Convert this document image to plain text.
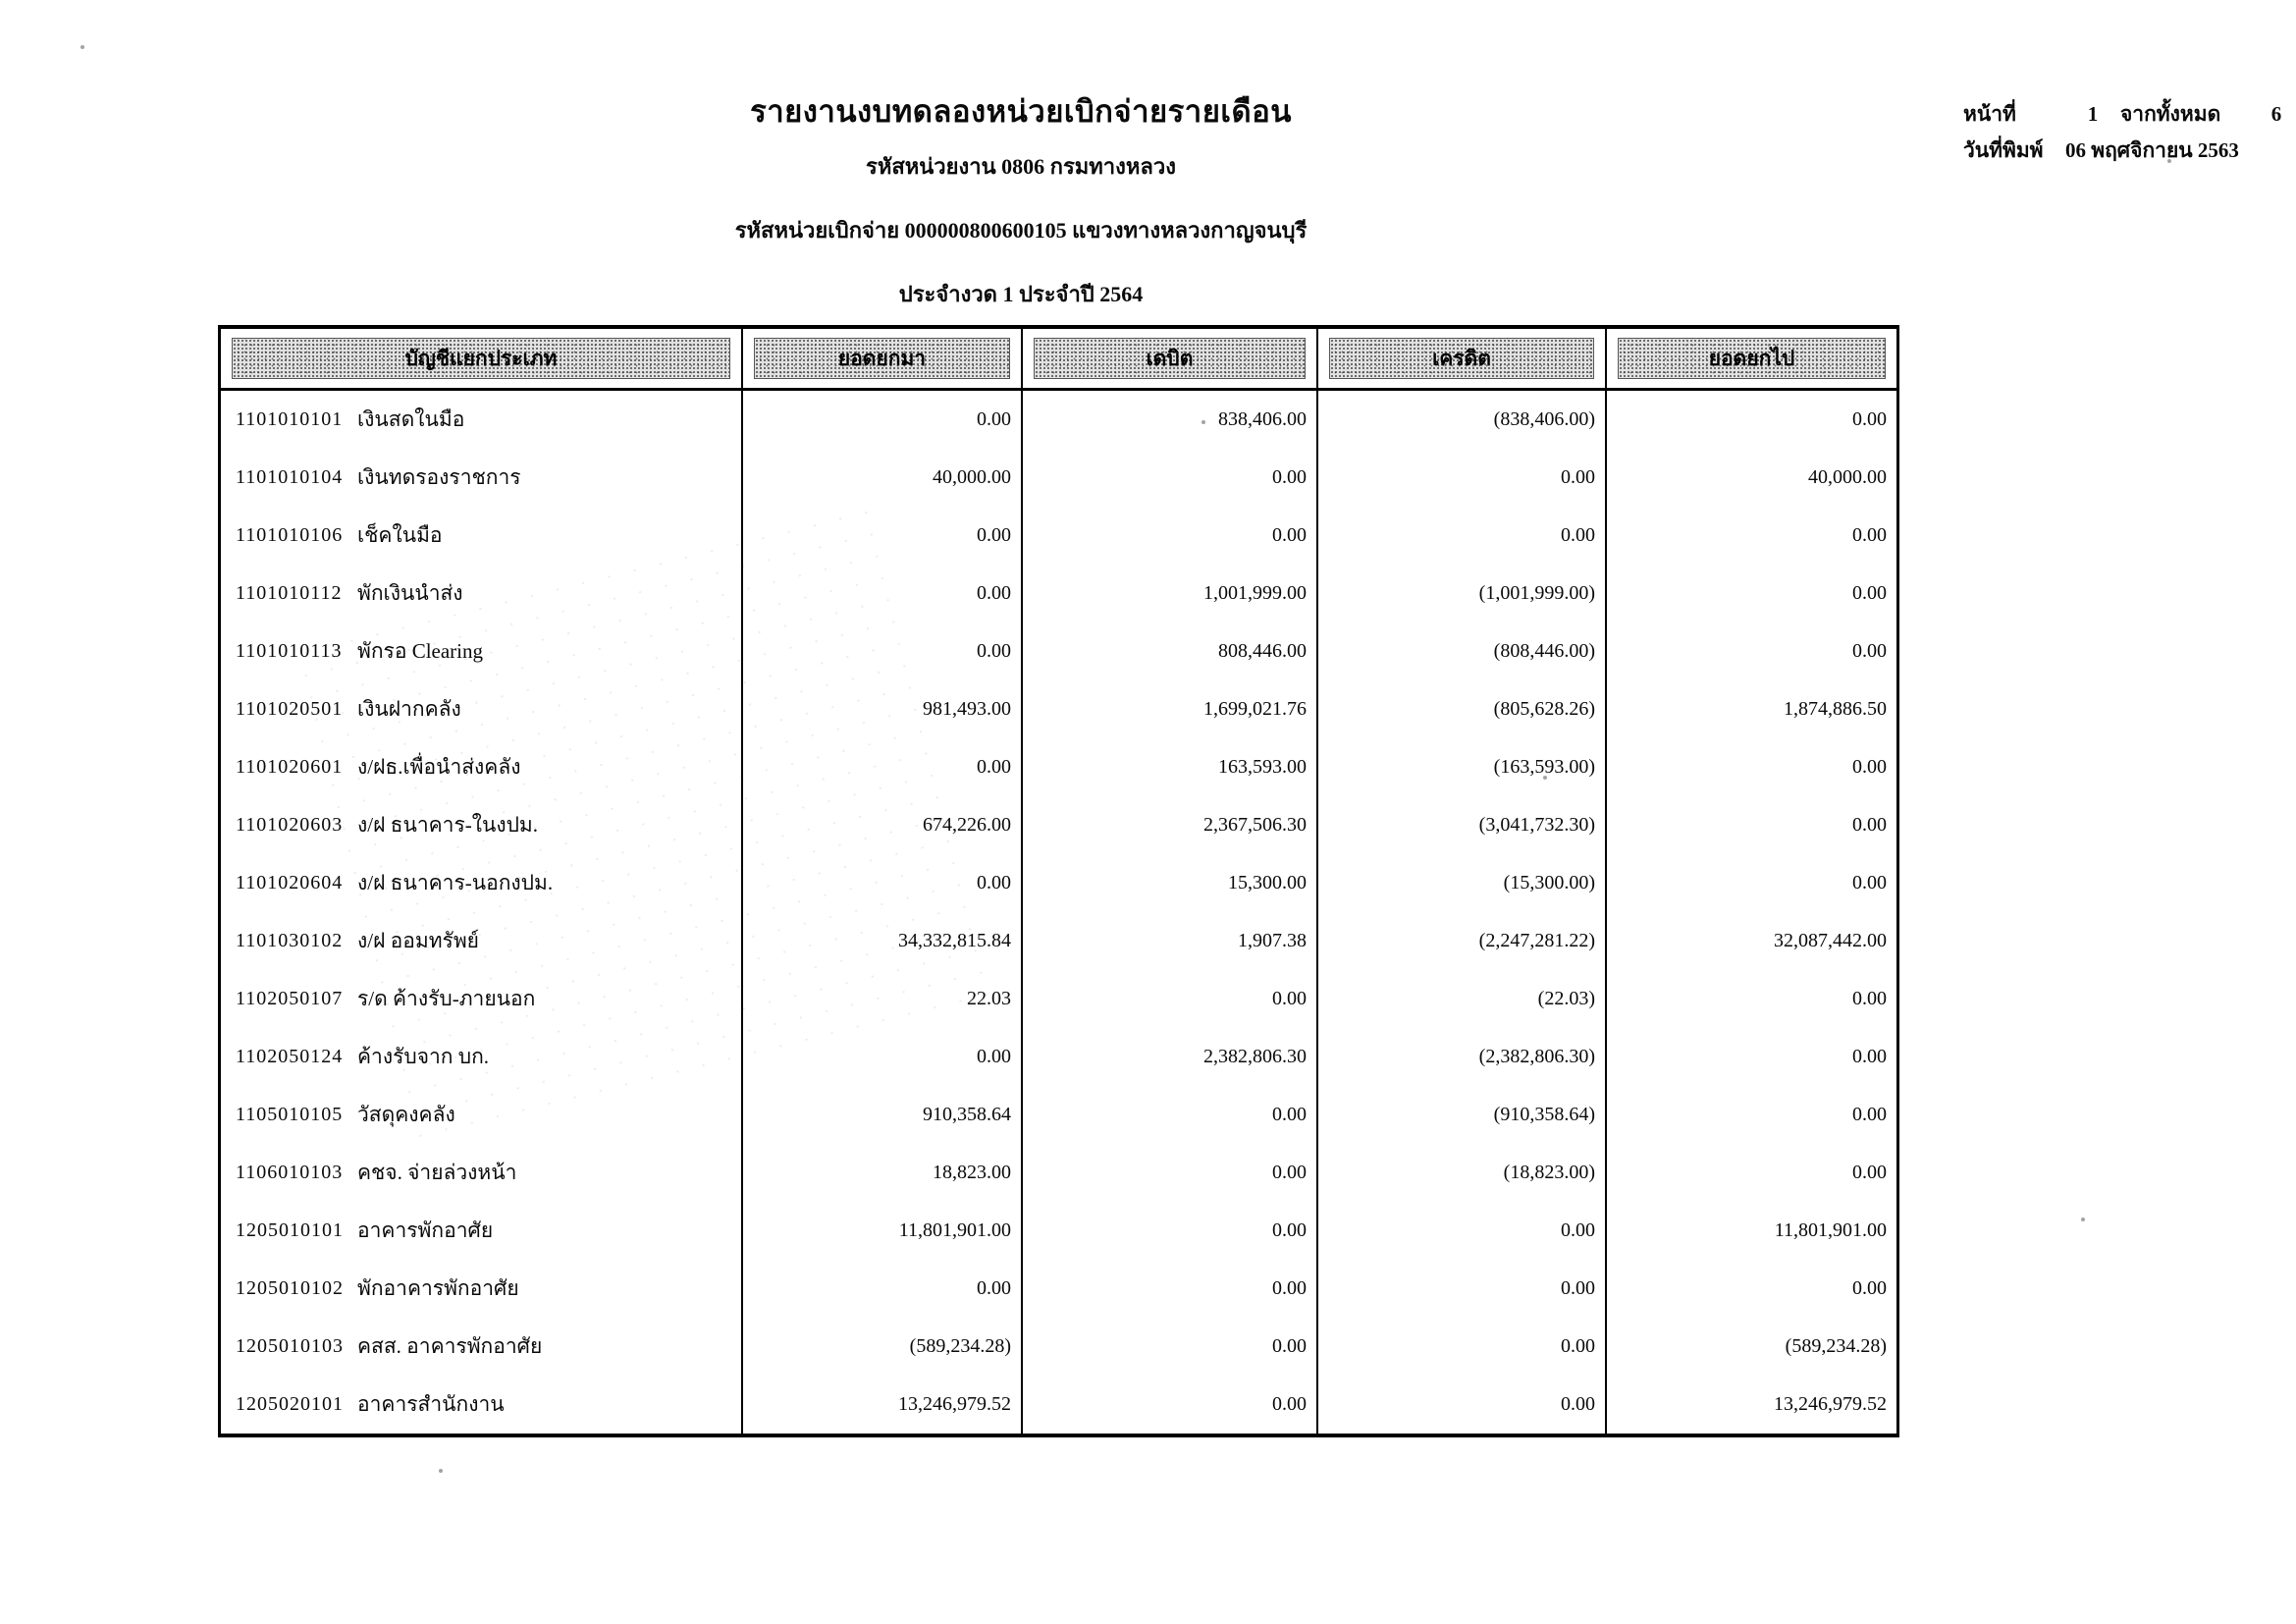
รายงานงบทดลองหน่วยเบิกจ่ายรายเดือน
รหัสหน่วยงาน 0806 กรมทางหลวง
รหัสหน่วยเบิกจ่าย 000000800600105 แขวงทางหลวงกาญจนบุรี
ประจำงวด 1 ประจำปี 2564
หน้าที่	1	จากทั้งหมด	6
วันที่พิมพ์	06 พฤศจิกายน 2563
บัญชีแยกประเภท	ยอดยกมา	เดบิต	เครดิต	ยอดยกไป
1101010101 เงินสดในมือ	0.00	838,406.00	(838,406.00)	0.00
1101010104 เงินทดรองราชการ	40,000.00	0.00	0.00	40,000.00
1101010106 เช็คในมือ	0.00	0.00	0.00	0.00
1101010112 พักเงินนำส่ง	0.00	1,001,999.00	(1,001,999.00)	0.00
1101010113 พักรอ Clearing	0.00	808,446.00	(808,446.00)	0.00
1101020501 เงินฝากคลัง	981,493.00	1,699,021.76	(805,628.26)	1,874,886.50
1101020601 ง/ฝธ.เพื่อนำส่งคลัง	0.00	163,593.00	(163,593.00)	0.00
1101020603 ง/ฝ ธนาคาร-ในงปม.	674,226.00	2,367,506.30	(3,041,732.30)	0.00
1101020604 ง/ฝ ธนาคาร-นอกงปม.	0.00	15,300.00	(15,300.00)	0.00
1101030102 ง/ฝ ออมทรัพย์	34,332,815.84	1,907.38	(2,247,281.22)	32,087,442.00
1102050107 ร/ด ค้างรับ-ภายนอก	22.03	0.00	(22.03)	0.00
1102050124 ค้างรับจาก บก.	0.00	2,382,806.30	(2,382,806.30)	0.00
1105010105 วัสดุคงคลัง	910,358.64	0.00	(910,358.64)	0.00
1106010103 คชจ. จ่ายล่วงหน้า	18,823.00	0.00	(18,823.00)	0.00
1205010101 อาคารพักอาศัย	11,801,901.00	0.00	0.00	11,801,901.00
1205010102 พักอาคารพักอาศัย	0.00	0.00	0.00	0.00
1205010103 คสส. อาคารพักอาศัย	(589,234.28)	0.00	0.00	(589,234.28)
1205020101 อาคารสำนักงาน	13,246,979.52	0.00	0.00	13,246,979.52
